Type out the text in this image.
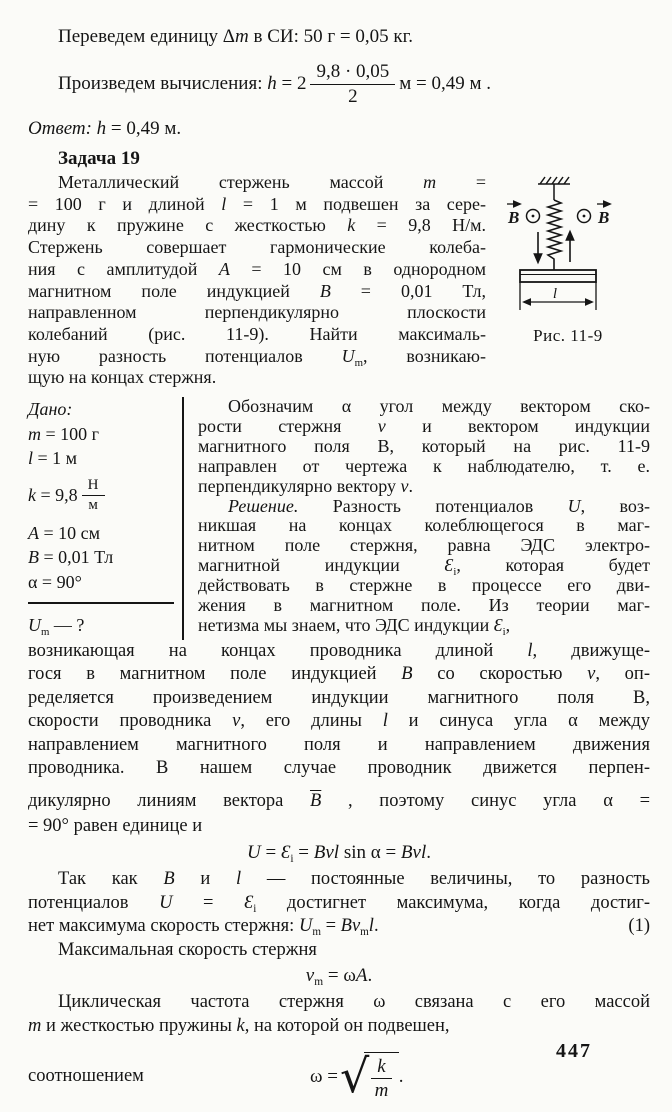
Переведем единицу Δm в СИ: 50 г = 0,05 кг.
Произведем вычисления: $h = 2 \frac{9,8 \cdot 0,05}{2}$ м = 0,49 м .
Ответ: h = 0,49 м.
Задача 19
Металлический стержень массой m =
= 100 г и длиной l = 1 м подвешен за сере-
дину к пружине с жесткостью k = 9,8 Н/м.
Стержень совершает гармонические колеба-
ния с амплитудой A = 10 см в однородном
магнитном поле индукцией B = 0,01 Тл,
направленном перпендикулярно плоскости
колебаний (рис. 11-9). Найти максималь-
ную разность потенциалов $U_m$, возникаю-
щую на концах стержня.
B	B
l
Рис. 11-9
Дано:
m = 100 г
l = 1 м
$k = 9,8 \frac{Н}{м}$
A = 10 см
B = 0,01 Тл
α = 90°
$U_m$ — ?
Обозначим α угол между вектором ско-
рости стержня v и вектором индукции
магнитного поля В, который на рис. 11-9
направлен от чертежа к наблюдателю, т. е.
перпендикулярно вектору v.
Решение. Разность потенциалов U, воз-
никшая на концах колеблющегося в маг-
нитном поле стержня, равна ЭДС электро-
магнитной индукции $Ɛ_i$, которая будет
действовать в стержне в процессе его дви-
жения в магнитном поле. Из теории маг-
нетизма мы знаем, что ЭДС индукции $Ɛ_i$,
возникающая на концах проводника длиной l, движуще-
гося в магнитном поле индукцией B со скоростью v, оп-
ределяется произведением индукции магнитного поля В,
скорости проводника v, его длины l и синуса угла α между
направлением магнитного поля и направлением движения
проводника. В нашем случае проводник движется перпен-
дикулярно линиям вектора $\overline{B}$ , поэтому синус угла α =
= 90° равен единице и
$U = Ɛ_i$ = Bvl sin α = Bvl.
Так как B и l — постоянные величины, то разность
потенциалов $U = Ɛ_i$ достигнет максимума, когда достиг-
нет максимума скорость стержня: $U_m = Bv_ml$.	(1)
Максимальная скорость стержня
$v_m = \omega A$.
Циклическая частота стержня ω связана с его массой
m и жесткостью пружины k, на которой он подвешен,
соотношением	ω = √ $\frac{k}{m}$ .
447
